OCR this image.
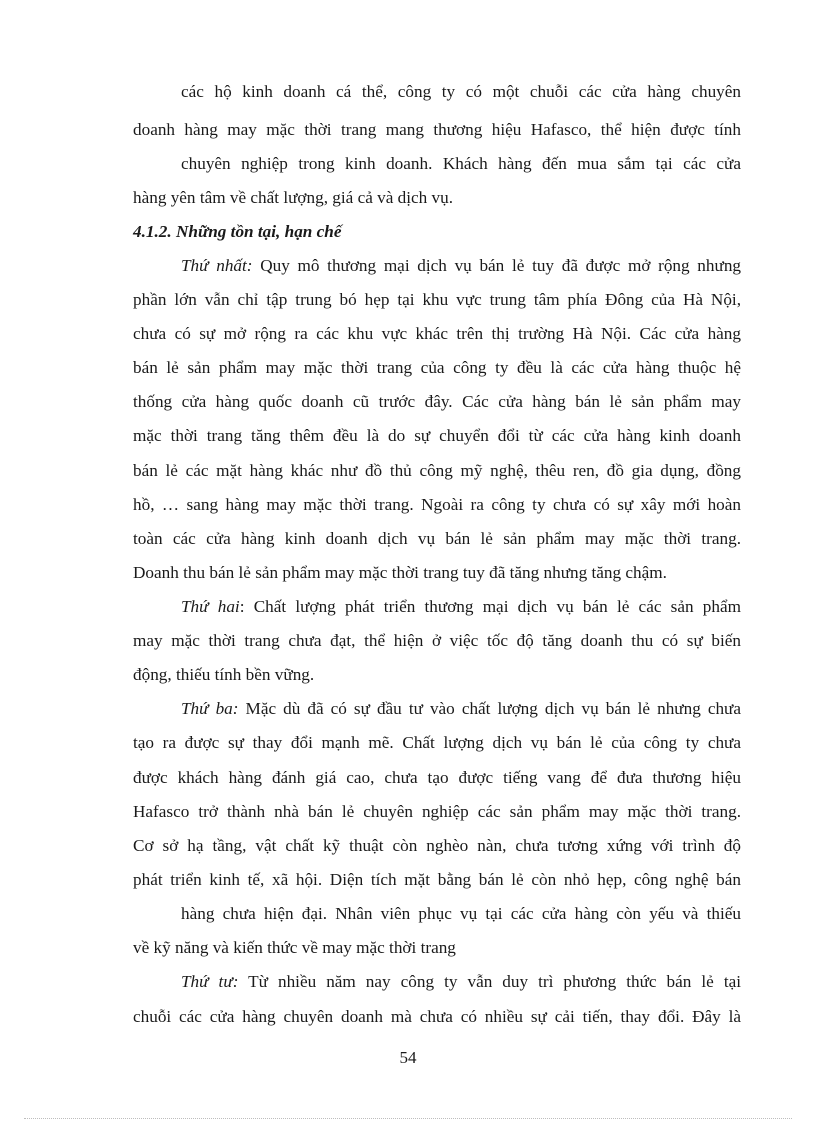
các hộ kinh doanh cá thể, công ty có một chuỗi các cửa hàng chuyên
doanh hàng may mặc thời trang mang thương hiệu Hafasco, thể hiện được tính
chuyên nghiệp trong kinh doanh. Khách hàng đến mua sắm tại các cửa
hàng yên tâm về chất lượng, giá cả và dịch vụ.
4.1.2. Những tồn tại, hạn chế
Thứ nhất: Quy mô thương mại dịch vụ bán lẻ tuy đã được mở rộng nhưng
phần lớn vẫn chỉ tập trung bó hẹp tại khu vực trung tâm phía Đông của Hà Nội,
chưa có sự mở rộng ra các khu vực khác trên thị trường Hà Nội. Các cửa hàng
bán lẻ sản phẩm may mặc thời trang của công ty đều là các cửa hàng thuộc hệ
thống cửa hàng quốc doanh cũ trước đây. Các cửa hàng bán lẻ sản phẩm may
mặc thời trang tăng thêm đều là do sự chuyển đổi từ các cửa hàng kinh doanh
bán lẻ các mặt hàng khác như đồ thủ công mỹ nghệ, thêu ren, đồ gia dụng, đồng
hồ, … sang hàng may mặc thời trang. Ngoài ra công ty chưa có sự xây mới hoàn
toàn các cửa hàng kinh doanh dịch vụ bán lẻ sản phẩm may mặc thời trang.
Doanh thu bán lẻ sản phẩm may mặc thời trang tuy đã tăng nhưng tăng chậm.
Thứ hai: Chất lượng phát triển thương mại dịch vụ bán lẻ các sản phẩm
may mặc thời trang chưa đạt, thể hiện ở việc tốc độ tăng doanh thu có sự biến
động, thiếu tính bền vững.
Thứ ba: Mặc dù đã có sự đầu tư vào chất lượng dịch vụ bán lẻ nhưng chưa
tạo ra được sự thay đổi mạnh mẽ. Chất lượng dịch vụ bán lẻ của công ty chưa
được khách hàng đánh giá cao, chưa tạo được tiếng vang để đưa thương hiệu
Hafasco trở thành nhà bán lẻ chuyên nghiệp các sản phẩm may mặc thời trang.
Cơ sở hạ tầng, vật chất kỹ thuật còn nghèo nàn, chưa tương xứng với trình độ
phát triển kinh tế, xã hội. Diện tích mặt bằng bán lẻ còn nhỏ hẹp, công nghệ bán
hàng chưa hiện đại. Nhân viên phục vụ tại các cửa hàng còn yếu và thiếu
về kỹ năng và kiến thức về may mặc thời trang
Thứ tư: Từ nhiều năm nay công ty vẫn duy trì phương thức bán lẻ tại
chuỗi các cửa hàng chuyên doanh mà chưa có nhiều sự cải tiến, thay đổi. Đây là
54
